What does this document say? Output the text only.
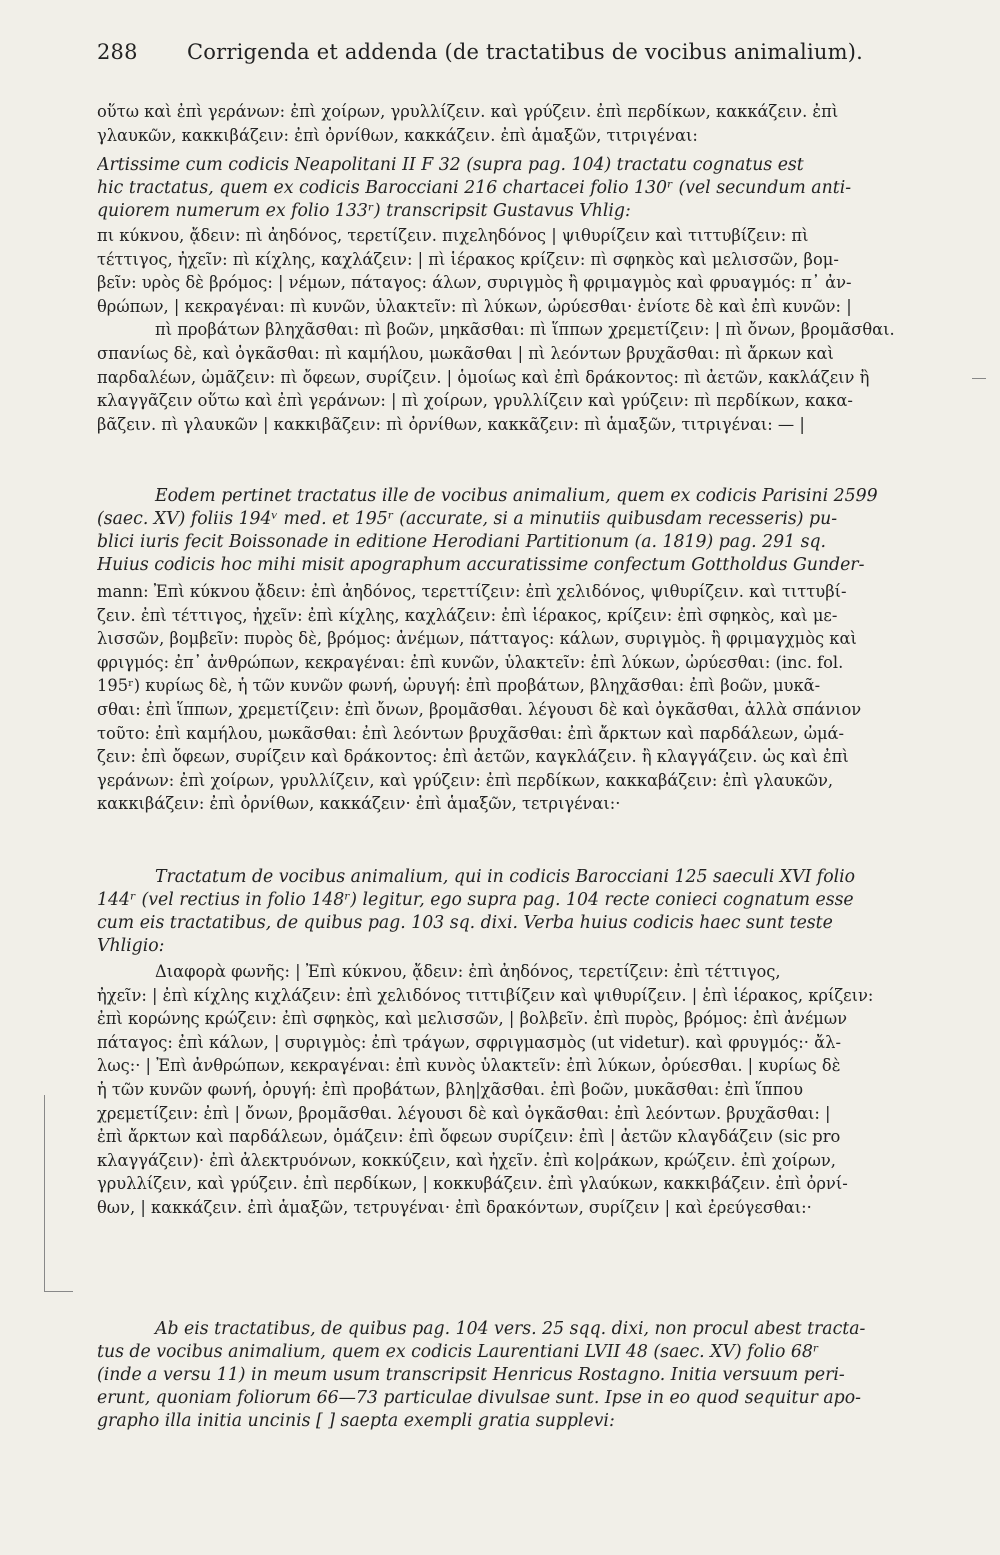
288 Corrigenda et addenda (de tractatibus de vocibus animalium).
οὕτω καὶ ἐπὶ γεράνων: ἐπὶ χοίρων, γρυλλίζειν. καὶ γρύζειν. ἐπὶ περδίκων, κακκάζειν. ἐπὶ
γλαυκῶν, κακκιβάζειν: ἐπὶ ὀρνίθων, κακκάζειν. ἐπὶ ἁμαξῶν, τιτριγέναι:
Artissime cum codicis Neapolitani II F 32 (supra pag. 104) tractatu cognatus est
hic tractatus, quem ex codicis Barocciani 216 chartacei folio 130ʳ (vel secundum anti-
quiorem numerum ex folio 133ʳ) transcripsit Gustavus Vhlig:
πι κύκνου, ᾄδειν: πὶ ἀηδόνος, τερετίζειν. πιχεληδόνος | ψιθυρίζειν καὶ τιττυβίζειν: πὶ
τέττιγος, ἠχεῖν: πὶ κίχλης, καχλάζειν: | πὶ ἱέρακος κρίζειν: πὶ σφηκὸς καὶ μελισσῶν, βομ-
βεῖν: υρὸς δὲ βρόμος: | νέμων, πάταγος: άλων, συριγμὸς ἢ φριμαγμὸς καὶ φρυαγμός: π᾿ ἀν-
θρώπων, | κεκραγέναι: πὶ κυνῶν, ὑλακτεῖν: πὶ λύκων, ὠρύεσθαι· ἐνίοτε δὲ καὶ ἐπὶ κυνῶν: |
πὶ προβάτων βληχᾶσθαι: πὶ βοῶν, μηκᾶσθαι: πὶ ἵππων χρεμετίζειν: | πὶ ὄνων, βρομᾶσθαι.
σπανίως δὲ, καὶ ὀγκᾶσθαι: πὶ καμήλου, μωκᾶσθαι | πὶ λεόντων βρυχᾶσθαι: πὶ ἄρκων καὶ
παρδαλέων, ὠμᾶζειν: πὶ ὄφεων, συρίζειν. | ὁμοίως καὶ ἐπὶ δράκοντος: πὶ ἀετῶν, κακλάζειν ἢ
κλαγγᾶζειν οὕτω καὶ ἐπὶ γεράνων: | πὶ χοίρων, γρυλλίζειν καὶ γρύζειν: πὶ περδίκων, κακα-
βᾶζειν. πὶ γλαυκῶν | κακκιβᾶζειν: πὶ ὀρνίθων, κακκᾶζειν: πὶ ἁμαξῶν, τιτριγέναι: — |
Eodem pertinet tractatus ille de vocibus animalium, quem ex codicis Parisini 2599
(saec. XV) foliis 194ᵛ med. et 195ʳ (accurate, si a minutiis quibusdam recesseris) pu-
blici iuris fecit Boissonade in editione Herodiani Partitionum (a. 1819) pag. 291 sq.
Huius codicis hoc mihi misit apographum accuratissime confectum Gottholdus Gunder-
mann: Ἐπὶ κύκνου ᾄδειν: ἐπὶ ἀηδόνος, τερεττίζειν: ἐπὶ χελιδόνος, ψιθυρίζειν. καὶ τιττυβί-
ζειν. ἐπὶ τέττιγος, ἠχεῖν: ἐπὶ κίχλης, καχλάζειν: ἐπὶ ἱέρακος, κρίζειν: ἐπὶ σφηκὸς, καὶ με-
λισσῶν, βομβεῖν: πυρὸς δὲ, βρόμος: ἀνέμων, πάτταγος: κάλων, συριγμὸς. ἢ φριμαγχμὸς καὶ
φριγμός: ἐπ᾿ ἀνθρώπων, κεκραγέναι: ἐπὶ κυνῶν, ὑλακτεῖν: ἐπὶ λύκων, ὠρύεσθαι: (inc. fol.
195ʳ) κυρίως δὲ, ἡ τῶν κυνῶν φωνή, ὠρυγή: ἐπὶ προβάτων, βληχᾶσθαι: ἐπὶ βοῶν, μυκᾶ-
σθαι: ἐπὶ ἵππων, χρεμετίζειν: ἐπὶ ὄνων, βρομᾶσθαι. λέγουσι δὲ καὶ ὀγκᾶσθαι, ἀλλὰ σπάνιον
τοῦτο: ἐπὶ καμήλου, μωκᾶσθαι: ἐπὶ λεόντων βρυχᾶσθαι: ἐπὶ ἄρκτων καὶ παρδάλεων, ὠμά-
ζειν: ἐπὶ ὄφεων, συρίζειν καὶ δράκοντος: ἐπὶ ἀετῶν, καγκλάζειν. ἢ κλαγγάζειν. ὡς καὶ ἐπὶ
γεράνων: ἐπὶ χοίρων, γρυλλίζειν, καὶ γρύζειν: ἐπὶ περδίκων, κακκαβάζειν: ἐπὶ γλαυκῶν,
κακκιβάζειν: ἐπὶ ὀρνίθων, κακκάζειν· ἐπὶ ἁμαξῶν, τετριγέναι:·
Tractatum de vocibus animalium, qui in codicis Barocciani 125 saeculi XVI folio
144ʳ (vel rectius in folio 148ʳ) legitur, ego supra pag. 104 recte conieci cognatum esse
cum eis tractatibus, de quibus pag. 103 sq. dixi. Verba huius codicis haec sunt teste
Vhligio:
Διαφορὰ φωνῆς: | Ἐπὶ κύκνου, ᾄδειν: ἐπὶ ἀηδόνος, τερετίζειν: ἐπὶ τέττιγος,
ἠχεῖν: | ἐπὶ κίχλης κιχλάζειν: ἐπὶ χελιδόνος τιττιβίζειν καὶ ψιθυρίζειν. | ἐπὶ ἱέρακος, κρίζειν:
ἐπὶ κορώνης κρώζειν: ἐπὶ σφηκὸς, καὶ μελισσῶν, | βολβεῖν. ἐπὶ πυρὸς, βρόμος: ἐπὶ ἀνέμων
πάταγος: ἐπὶ κάλων, | συριγμὸς: ἐπὶ τράγων, σφριγμασμὸς (ut videtur). καὶ φρυγμός:· ἄλ-
λως:· | Ἐπὶ ἀνθρώπων, κεκραγέναι: ἐπὶ κυνὸς ὑλακτεῖν: ἐπὶ λύκων, ὀρύεσθαι. | κυρίως δὲ
ἡ τῶν κυνῶν φωνή, ὀρυγή: ἐπὶ προβάτων, βλη|χᾶσθαι. ἐπὶ βοῶν, μυκᾶσθαι: ἐπὶ ἵππου
χρεμετίζειν: ἐπὶ | ὄνων, βρομᾶσθαι. λέγουσι δὲ καὶ ὀγκᾶσθαι: ἐπὶ λεόντων. βρυχᾶσθαι: |
ἐπὶ ἄρκτων καὶ παρδάλεων, ὁμάζειν: ἐπὶ ὄφεων συρίζειν: ἐπὶ | ἀετῶν κλαγδάζειν (sic pro
κλαγγάζειν)· ἐπὶ ἀλεκτρυόνων, κοκκύζειν, καὶ ἠχεῖν. ἐπὶ κο|ράκων, κρώζειν. ἐπὶ χοίρων,
γρυλλίζειν, καὶ γρύζειν. ἐπὶ περδίκων, | κοκκυβάζειν. ἐπὶ γλαύκων, κακκιβάζειν. ἐπὶ ὀρνί-
θων, | κακκάζειν. ἐπὶ ἁμαξῶν, τετρυγέναι· ἐπὶ δρακόντων, συρίζειν | καὶ ἐρεύγεσθαι:·
Ab eis tractatibus, de quibus pag. 104 vers. 25 sqq. dixi, non procul abest tracta-
tus de vocibus animalium, quem ex codicis Laurentiani LVII 48 (saec. XV) folio 68ʳ
(inde a versu 11) in meum usum transcripsit Henricus Rostagno. Initia versuum peri-
erunt, quoniam foliorum 66—73 particulae divulsae sunt. Ipse in eo quod sequitur apo-
grapho illa initia uncinis [ ] saepta exempli gratia supplevi:
